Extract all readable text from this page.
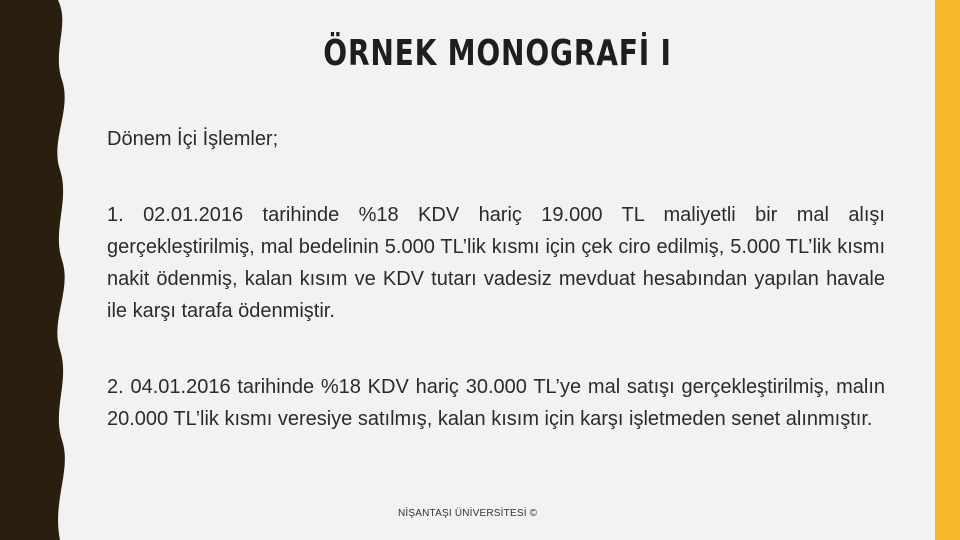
ÖRNEK MONOGRAFİ I
Dönem İçi İşlemler;
1. 02.01.2016 tarihinde %18 KDV hariç 19.000 TL maliyetli bir mal alışı gerçekleştirilmiş, mal bedelinin 5.000 TL’lik kısmı için çek ciro edilmiş, 5.000 TL’lik kısmı nakit ödenmiş, kalan kısım ve KDV tutarı vadesiz mevduat hesabından yapılan havale ile karşı tarafa ödenmiştir.
2. 04.01.2016 tarihinde %18 KDV hariç 30.000 TL’ye mal satışı gerçekleştirilmiş, malın 20.000 TL’lik kısmı veresiye satılmış, kalan kısım için karşı işletmeden senet alınmıştır.
NİŞANTAŞI ÜNİVERSİTESİ ©
